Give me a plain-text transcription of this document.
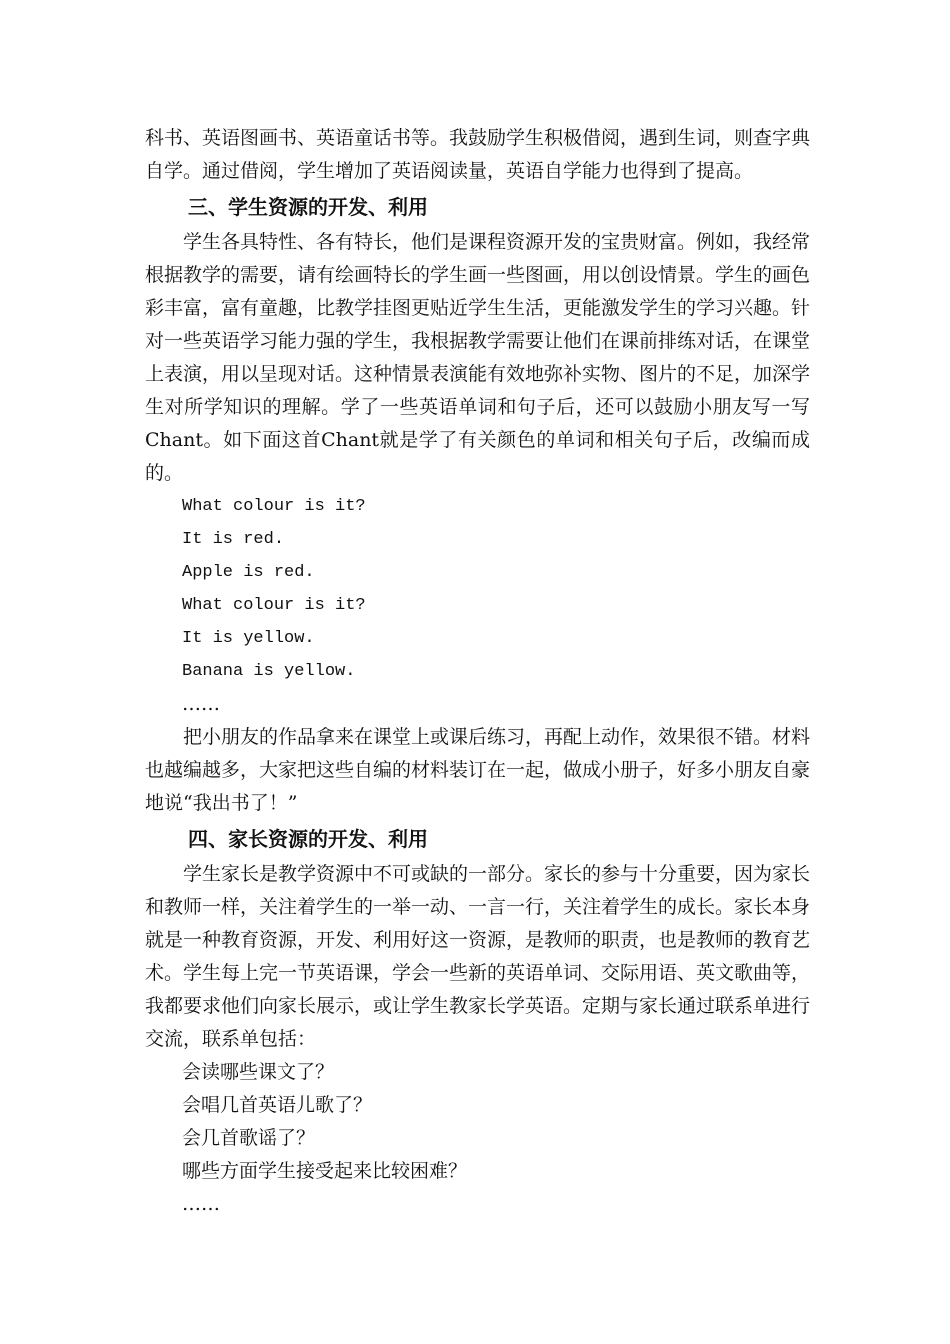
科书、英语图画书、英语童话书等。我鼓励学生积极借阅，遇到生词，则查字典自学。通过借阅，学生增加了英语阅读量，英语自学能力也得到了提高。

三、学生资源的开发、利用

学生各具特性、各有特长，他们是课程资源开发的宝贵财富。例如，我经常根据教学的需要，请有绘画特长的学生画一些图画，用以创设情景。学生的画色彩丰富，富有童趣，比教学挂图更贴近学生生活，更能激发学生的学习兴趣。针对一些英语学习能力强的学生，我根据教学需要让他们在课前排练对话，在课堂上表演，用以呈现对话。这种情景表演能有效地弥补实物、图片的不足，加深学生对所学知识的理解。学了一些英语单词和句子后，还可以鼓励小朋友写一写 Chant。如下面这首Chant就是学了有关颜色的单词和相关句子后，改编而成的。

What colour is it?
It is red.
Apple is red.
What colour is it?
It is yellow.
Banana is yellow.
……

把小朋友的作品拿来在课堂上或课后练习，再配上动作，效果很不错。材料也越编越多，大家把这些自编的材料装订在一起，做成小册子，好多小朋友自豪地说“我出书了！”

四、家长资源的开发、利用

学生家长是教学资源中不可或缺的一部分。家长的参与十分重要，因为家长和教师一样，关注着学生的一举一动、一言一行，关注着学生的成长。家长本身就是一种教育资源，开发、利用好这一资源，是教师的职责，也是教师的教育艺术。学生每上完一节英语课，学会一些新的英语单词、交际用语、英文歌曲等，我都要求他们向家长展示，或让学生教家长学英语。定期与家长通过联系单进行交流，联系单包括：

会读哪些课文了？
会唱几首英语儿歌了？
会几首歌谣了？
哪些方面学生接受起来比较困难？
……
